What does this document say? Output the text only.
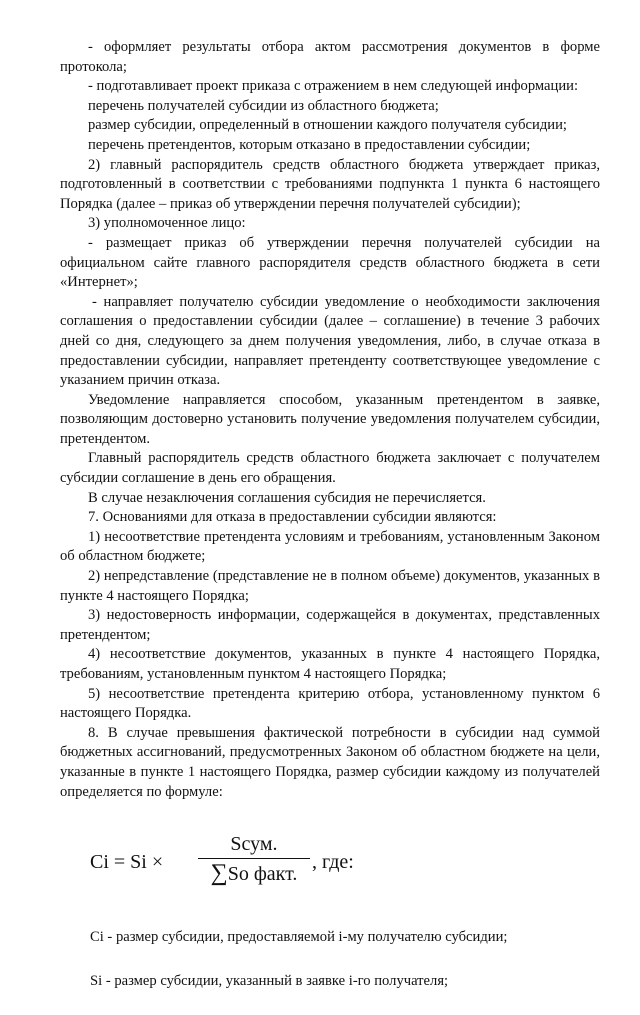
- оформляет результаты отбора актом рассмотрения документов в форме протокола;

- подготавливает проект приказа с отражением в нем следующей информации:

перечень получателей субсидии из областного бюджета;

размер субсидии, определенный в отношении каждого получателя субсидии;

перечень претендентов, которым отказано в предоставлении субсидии;

2) главный распорядитель средств областного бюджета утверждает приказ, подготовленный в соответствии с требованиями подпункта 1 пункта 6 настоящего Порядка (далее – приказ об утверждении перечня получателей субсидии);

3) уполномоченное лицо:

- размещает приказ об утверждении перечня получателей субсидии на официальном сайте главного распорядителя средств областного бюджета в сети «Интернет»;

- направляет получателю субсидии уведомление о необходимости заключения соглашения о предоставлении субсидии (далее – соглашение) в течение 3 рабочих дней со дня, следующего за днем получения уведомления, либо, в случае отказа в предоставлении субсидии, направляет претенденту соответствующее уведомление с указанием причин отказа.

Уведомление направляется способом, указанным претендентом в заявке, позволяющим достоверно установить получение уведомления получателем субсидии, претендентом.

Главный распорядитель средств областного бюджета заключает с получателем субсидии соглашение в день его обращения.

В случае незаключения соглашения субсидия не перечисляется.

7. Основаниями для отказа в предоставлении субсидии являются:

1) несоответствие претендента условиям и требованиям, установленным Законом об областном бюджете;

2) непредставление (представление не в полном объеме) документов, указанных в пункте 4 настоящего Порядка;

3) недостоверность информации, содержащейся в документах, представленных претендентом;

4) несоответствие документов, указанных в пункте 4 настоящего Порядка, требованиям, установленным пунктом 4 настоящего Порядка;

5) несоответствие претендента критерию отбора, установленному пунктом 6 настоящего Порядка.

8. В случае превышения фактической потребности в субсидии над суммой бюджетных ассигнований, предусмотренных Законом об областном бюджете на цели, указанные в пункте 1 настоящего Порядка, размер субсидии каждому из получателей определяется по формуле:

Ci = Si ×
Sсум.
∑So факт.
, где:

Ci - размер субсидии, предоставляемой i-му получателю субсидии;

Si - размер субсидии, указанный в заявке i-го получателя;
